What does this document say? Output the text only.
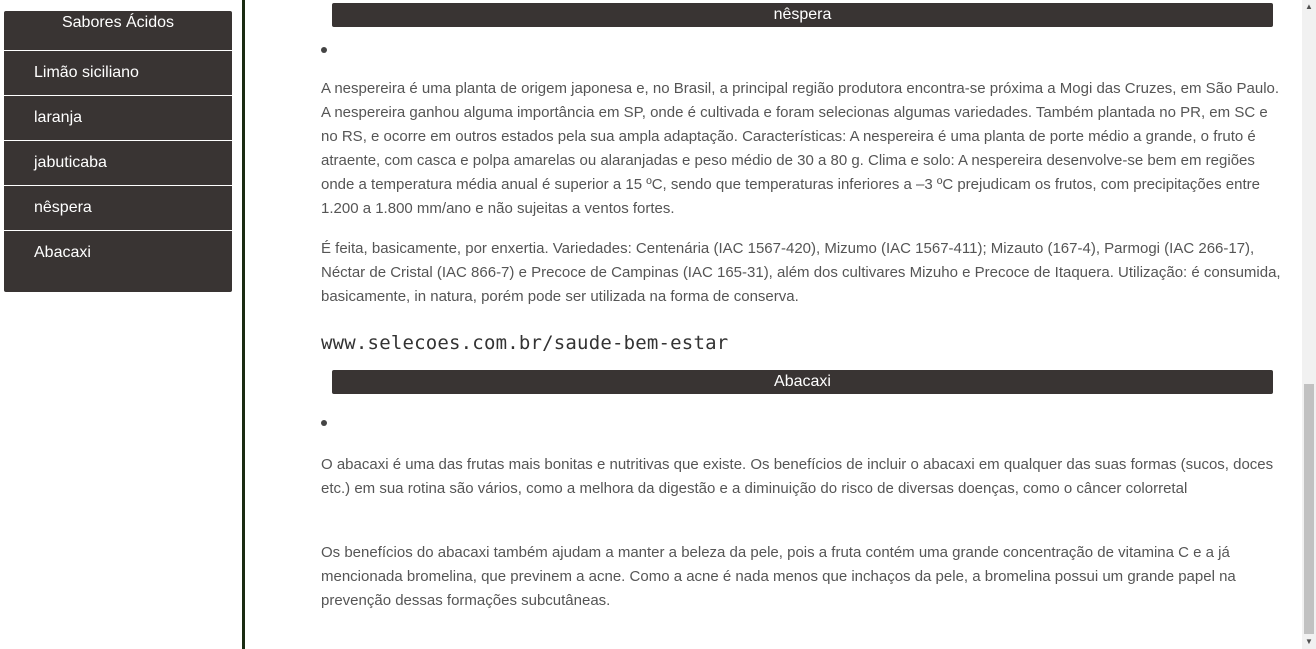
Sabores Ácidos
Limão siciliano
laranja
jabuticaba
nêspera
Abacaxi
nêspera

A nespereira é uma planta de origem japonesa e, no Brasil, a principal região produtora encontra-se próxima a Mogi das Cruzes, em São Paulo. A nespereira ganhou alguma importância em SP, onde é cultivada e foram selecionas algumas variedades. Também plantada no PR, em SC e no RS, e ocorre em outros estados pela sua ampla adaptação. Características: A nespereira é uma planta de porte médio a grande, o fruto é atraente, com casca e polpa amarelas ou alaranjadas e peso médio de 30 a 80 g. Clima e solo: A nespereira desenvolve-se bem em regiões onde a temperatura média anual é superior a 15 ºC, sendo que temperaturas inferiores a –3 ºC prejudicam os frutos, com precipitações entre 1.200 a 1.800 mm/ano e não sujeitas a ventos fortes.

É feita, basicamente, por enxertia. Variedades: Centenária (IAC 1567-420), Mizumo (IAC 1567-411); Mizauto (167-4), Parmogi (IAC 266-17), Néctar de Cristal (IAC 866-7) e Precoce de Campinas (IAC 165-31), além dos cultivares Mizuho e Precoce de Itaquera. Utilização: é consumida, basicamente, in natura, porém pode ser utilizada na forma de conserva.

www.selecoes.com.br/saude-bem-estar
Abacaxi

O abacaxi é uma das frutas mais bonitas e nutritivas que existe. Os benefícios de incluir o abacaxi em qualquer das suas formas (sucos, doces etc.) em sua rotina são vários, como a melhora da digestão e a diminuição do risco de diversas doenças, como o câncer colorretal

Os benefícios do abacaxi também ajudam a manter a beleza da pele, pois a fruta contém uma grande concentração de vitamina C e a já mencionada bromelina, que previnem a acne. Como a acne é nada menos que inchaços da pele, a bromelina possui um grande papel na prevenção dessas formações subcutâneas.

▲
▼
